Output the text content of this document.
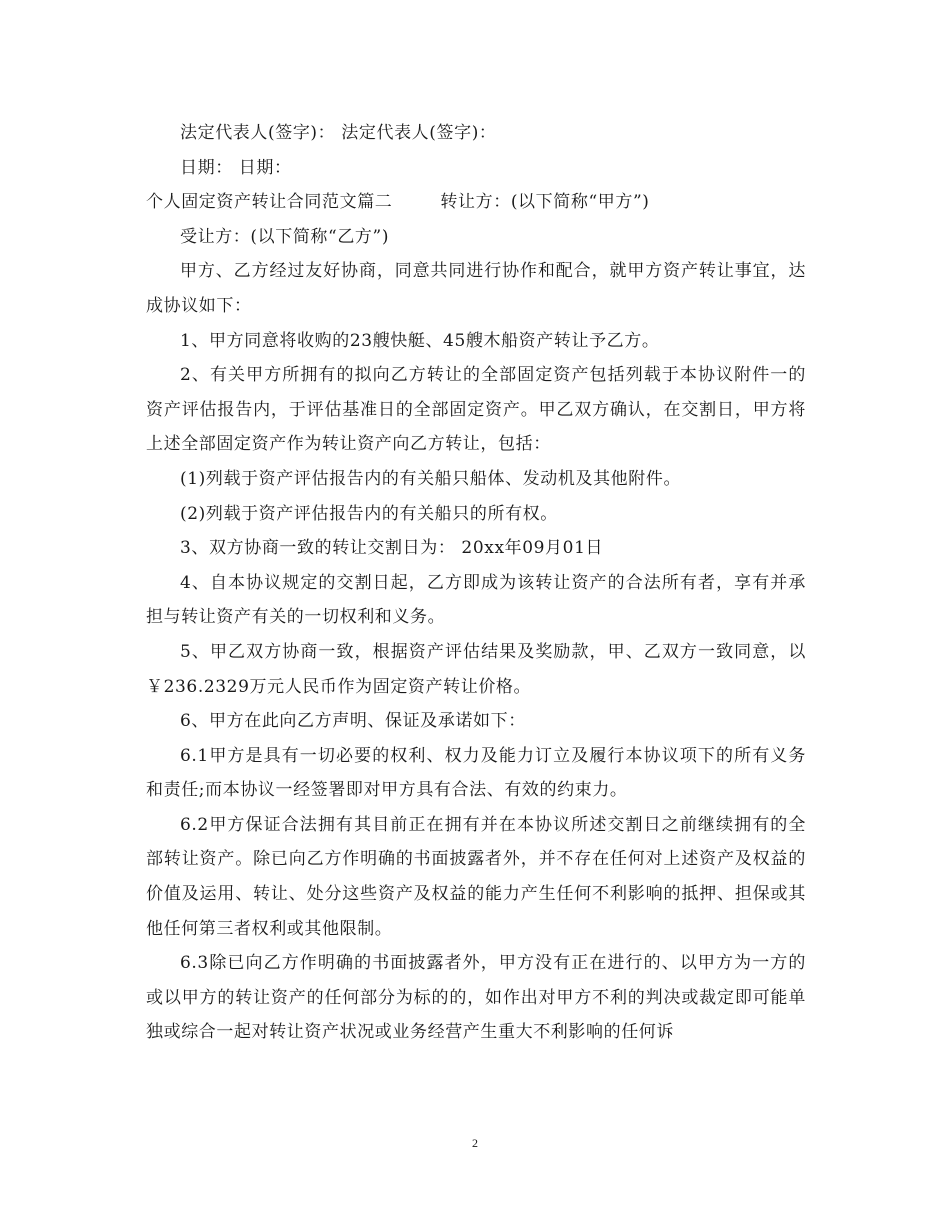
法定代表人(签字)： 法定代表人(签字)：

日期： 日期：

个人固定资产转让合同范文篇二        转让方：(以下简称“甲方”)

受让方：(以下简称“乙方”)

甲方、乙方经过友好协商，同意共同进行协作和配合，就甲方资产转让事宜，达成协议如下：

1、甲方同意将收购的23艘快艇、45艘木船资产转让予乙方。

2、有关甲方所拥有的拟向乙方转让的全部固定资产包括列载于本协议附件一的资产评估报告内，于评估基准日的全部固定资产。甲乙双方确认，在交割日，甲方将上述全部固定资产作为转让资产向乙方转让，包括：

(1)列载于资产评估报告内的有关船只船体、发动机及其他附件。

(2)列载于资产评估报告内的有关船只的所有权。

3、双方协商一致的转让交割日为： 20xx年09月01日

4、自本协议规定的交割日起，乙方即成为该转让资产的合法所有者，享有并承担与转让资产有关的一切权利和义务。

5、甲乙双方协商一致，根据资产评估结果及奖励款，甲、乙双方一致同意，以￥236.2329万元人民币作为固定资产转让价格。

6、甲方在此向乙方声明、保证及承诺如下：

6.1甲方是具有一切必要的权利、权力及能力订立及履行本协议项下的所有义务和责任;而本协议一经签署即对甲方具有合法、有效的约束力。

6.2甲方保证合法拥有其目前正在拥有并在本协议所述交割日之前继续拥有的全部转让资产。除已向乙方作明确的书面披露者外，并不存在任何对上述资产及权益的价值及运用、转让、处分这些资产及权益的能力产生任何不利影响的抵押、担保或其他任何第三者权利或其他限制。

6.3除已向乙方作明确的书面披露者外，甲方没有正在进行的、以甲方为一方的或以甲方的转让资产的任何部分为标的的，如作出对甲方不利的判决或裁定即可能单独或综合一起对转让资产状况或业务经营产生重大不利影响的任何诉

2
